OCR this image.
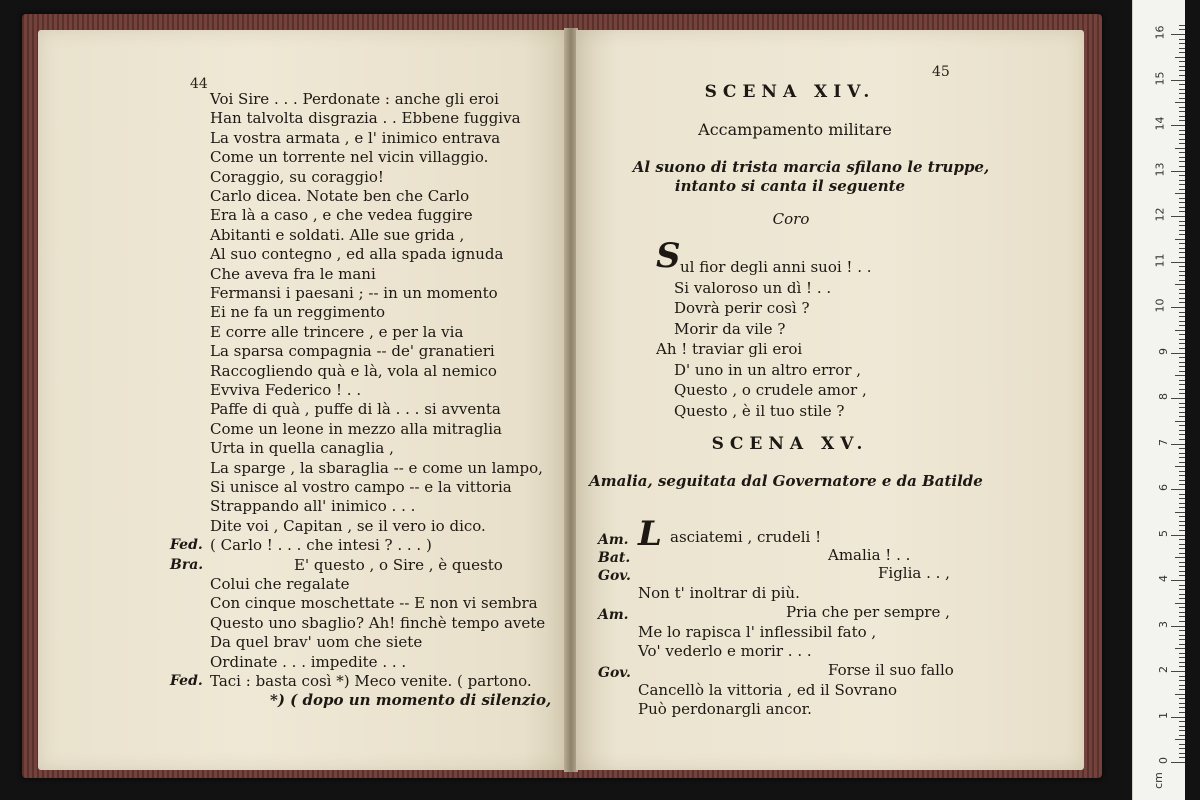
44
Voi Sire . . . Perdonate : anche gli eroi
Han talvolta disgrazia . . Ebbene fuggiva
La vostra armata , e l' inimico entrava
Come un torrente nel vicin villaggio.
Coraggio, su coraggio!
Carlo dicea. Notate ben che Carlo
Era là a caso , e che vedea fuggire
Abitanti e soldati. Alle sue grida ,
Al suo contegno , ed alla spada ignuda
Che aveva fra le mani
Fermansi i paesani ; -- in un momento
Ei ne fa un reggimento
E corre alle trincere , e per la via
La sparsa compagnia -- de' granatieri
Raccogliendo quà e là, vola al nemico
Evviva Federico ! . .
Paffe di quà , puffe di là . . . si avventa
Come un leone in mezzo alla mitraglia
Urta in quella canaglia ,
La sparge , la sbaraglia -- e come un lampo,
Si unisce al vostro campo -- e la vittoria
Strappando all' inimico . . .
Dite voi , Capitan , se il vero io dico.
Fed. ( Carlo ! . . . che intesi ? . . . )
Bra.	E' questo , o Sire , è questo
Colui che regalate
Con cinque moschettate -- E non vi sembra
Questo uno sbaglio? Ah! finchè tempo avete
Da quel brav' uom che siete
Ordinate . . . impedite . . .
Fed. Taci : basta così *) Meco venite. ( partono.
*) ( dopo un momento di silenzio,
45
SCENA XIV.
Accampamento militare
Al suono di trista marcia sfilano le truppe,
intanto si canta il seguente
Coro
S ul fior degli anni suoi ! . .
Si valoroso un dì ! . .
Dovrà perir così ?
Morir da vile ?
Ah ! traviar gli eroi
D' uno in un altro error ,
Questo , o crudele amor ,
Questo , è il tuo stile ?
SCENA XV.
Amalia, seguitata dal Governatore e da Batilde
L
Am.	asciatemi , crudeli !
Bat.	Amalia ! . .
Gov.	Figlia . . ,
Non t' inoltrar di più.
Am.	Pria che per sempre ,
Me lo rapisca l' inflessibil fato ,
Vo' vederlo e morir . . .
Gov.	Forse il suo fallo
Cancellò la vittoria , ed il Sovrano
Può perdonargli ancor.
0
1
2
3
4
5
6
7
8
9
10
11
12
13
14
15
16
cm
